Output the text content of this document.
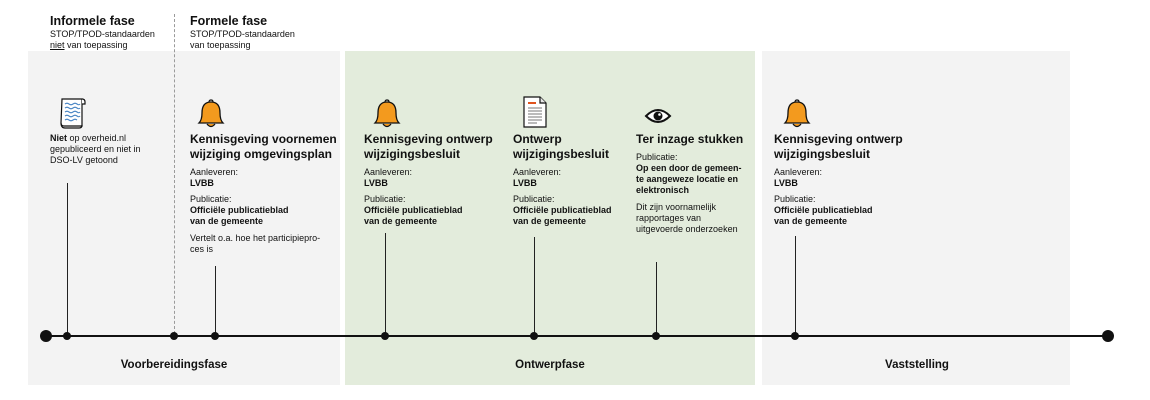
Informele fase
STOP/TPOD-standaarden
niet van toepassing
Formele fase
STOP/TPOD-standaarden
van toepassing
Niet op overheid.nl
gepubliceerd en niet in
DSO-LV getoond
Kennisgeving voornemen
wijziging omgevingsplan
Aanleveren:
LVBB
Publicatie:
Officiële publicatieblad
van de gemeente
Vertelt o.a. hoe het participiepro-
ces is
Kennisgeving ontwerp
wijzigingsbesluit
Aanleveren:
LVBB
Publicatie:
Officiële publicatieblad
van de gemeente
Ontwerp
wijzigingsbesluit
Aanleveren:
LVBB
Publicatie:
Officiële publicatieblad
van de gemeente
Ter inzage stukken
Publicatie:
Op een door de gemeen-
te aangeweze locatie en
elektronisch
Dit zijn voornamelijk
rapportages van
uitgevoerde onderzoeken
Kennisgeving ontwerp
wijzigingsbesluit
Aanleveren:
LVBB
Publicatie:
Officiële publicatieblad
van de gemeente
Voorbereidingsfase	Ontwerpfase	Vaststelling
